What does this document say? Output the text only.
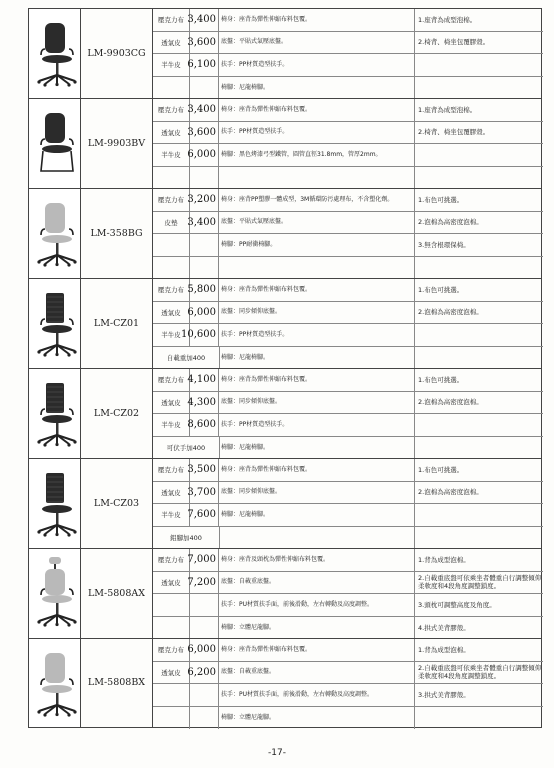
LM-9903CG
壓克力布 3,400 椅身：座背為彈性伸縮布料包覆。	1.座背為成型泡棉。
透氣皮 3,600 底盤：平貼式氣壓底盤。	2.椅背、椅坐包覆膠殼。
半牛皮 6,100 扶手：PP材質造型扶手。
椅腳：尼龍椅腳。
LM-9903BV
壓克力布 3,400 椅身：座背為彈性伸縮布料包覆。	1.座背為成型泡棉。
透氣皮 3,600 扶手：PP材質造型扶手。	2.椅背、椅坐包覆膠殼。
半牛皮 6,000 椅腳：黑色烤漆弓型鐵管，圓管直徑31.8mm，管厚2mm。
LM-358BG
壓克力布 3,200 椅身：座背PP塑膠一體成型，3M循環防污處理布，不含塑化劑。	1.布色可挑選。
皮墊 3,400 底盤：平貼式氣壓底盤。	2.泡棉為高密度泡棉。
椅腳：PP耐衝椅腳。	3.無含根環保椅。
LM-CZ01
壓克力布 5,800 椅身：座背為彈性伸縮布料包覆。	1.布色可挑選。
透氣皮 6,000 底盤：同步傾仰底盤。	2.泡棉為高密度泡棉。
半牛皮 10,600 扶手：PP材質造型扶手。
自載重加400	椅腳：尼龍椅腳。
LM-CZ02
壓克力布 4,100 椅身：座背為彈性伸縮布料包覆。	1.布色可挑選。
透氣皮 4,300 底盤：同步傾仰底盤。	2.泡棉為高密度泡棉。
半牛皮 8,600 扶手：PP材質造型扶手。
可伏手加400	椅腳：尼龍椅腳。
LM-CZ03
壓克力布 3,500 椅身：座背為彈性伸縮布料包覆。	1.布色可挑選。
透氣皮 3,700 底盤：同步傾仰底盤。	2.泡棉為高密度泡棉。
半牛皮 7,600 椅腳：尼龍椅腳。
鋁腳加400
LM-5808AX
壓克力布 7,000 椅身：座背及頭枕為彈性伸縮布料包覆。	1.背為成型泡棉。
透氣皮 7,200 底盤：自載重底盤。	2.自載重底盤可依乘坐者體重自行調整傾仰柔軟度和4段角度調整鎖度。
扶手：PU材質扶手面，前後滑動，左右轉動及高度調整。	3.頭枕可調整高度及角度。
椅腳：立體尼龍腳。	4.拱式美背膠殼。
LM-5808BX
壓克力布 6,000 椅身：座背為彈性伸縮布料包覆。	1.背為成型泡棉。
透氣皮 6,200 底盤：自載重底盤。	2.自載重底盤可依乘坐者體重自行調整傾仰柔軟度和4段角度調整鎖度。
扶手：PU材質扶手面，前後滑動，左右轉動及高度調整。	3.拱式美背膠殼。
椅腳：立體尼龍腳。
-17-
